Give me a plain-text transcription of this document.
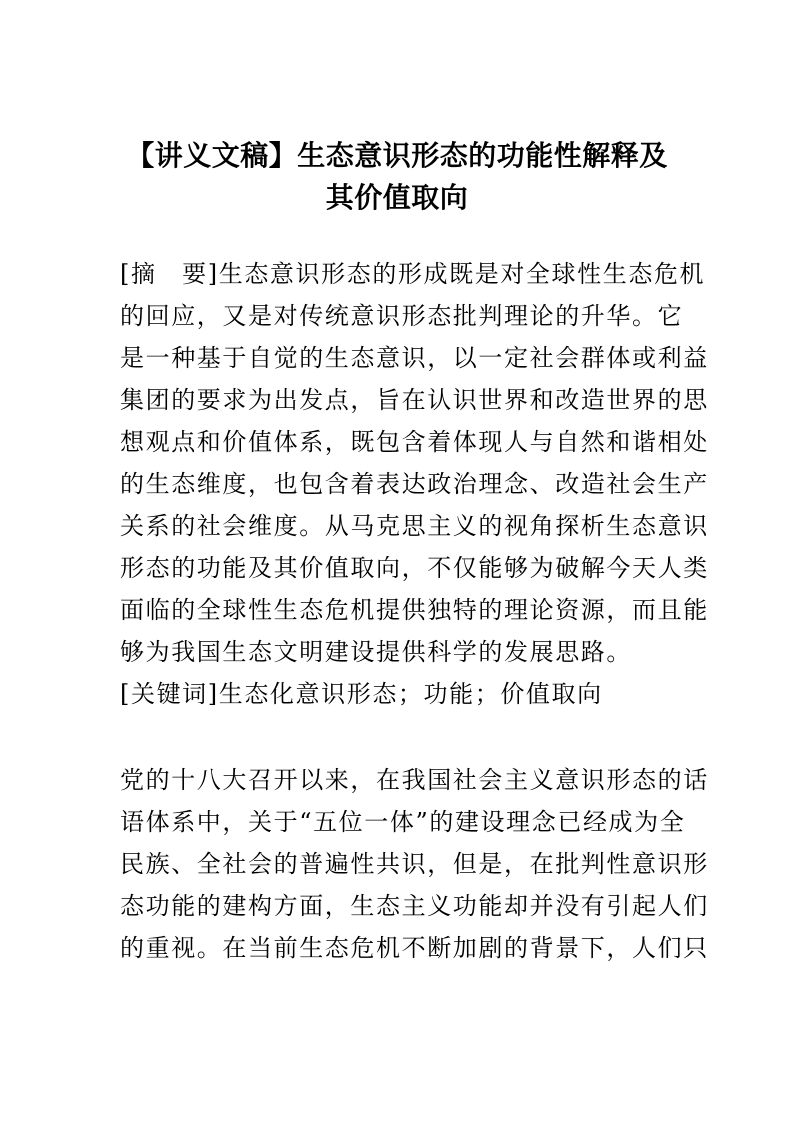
【讲义文稿】生态意识形态的功能性解释及
其价值取向

[摘　要]生态意识形态的形成既是对全球性生态危机

的回应，又是对传统意识形态批判理论的升华。它

是一种基于自觉的生态意识，以一定社会群体或利益

集团的要求为出发点，旨在认识世界和改造世界的思

想观点和价值体系，既包含着体现人与自然和谐相处

的生态维度，也包含着表达政治理念、改造社会生产

关系的社会维度。从马克思主义的视角探析生态意识

形态的功能及其价值取向，不仅能够为破解今天人类

面临的全球性生态危机提供独特的理论资源，而且能

够为我国生态文明建设提供科学的发展思路。

[关键词]生态化意识形态；功能；价值取向

党的十八大召开以来，在我国社会主义意识形态的话

语体系中，关于“五位一体”的建设理念已经成为全

民族、全社会的普遍性共识，但是，在批判性意识形

态功能的建构方面，生态主义功能却并没有引起人们

的重视。在当前生态危机不断加剧的背景下，人们只
